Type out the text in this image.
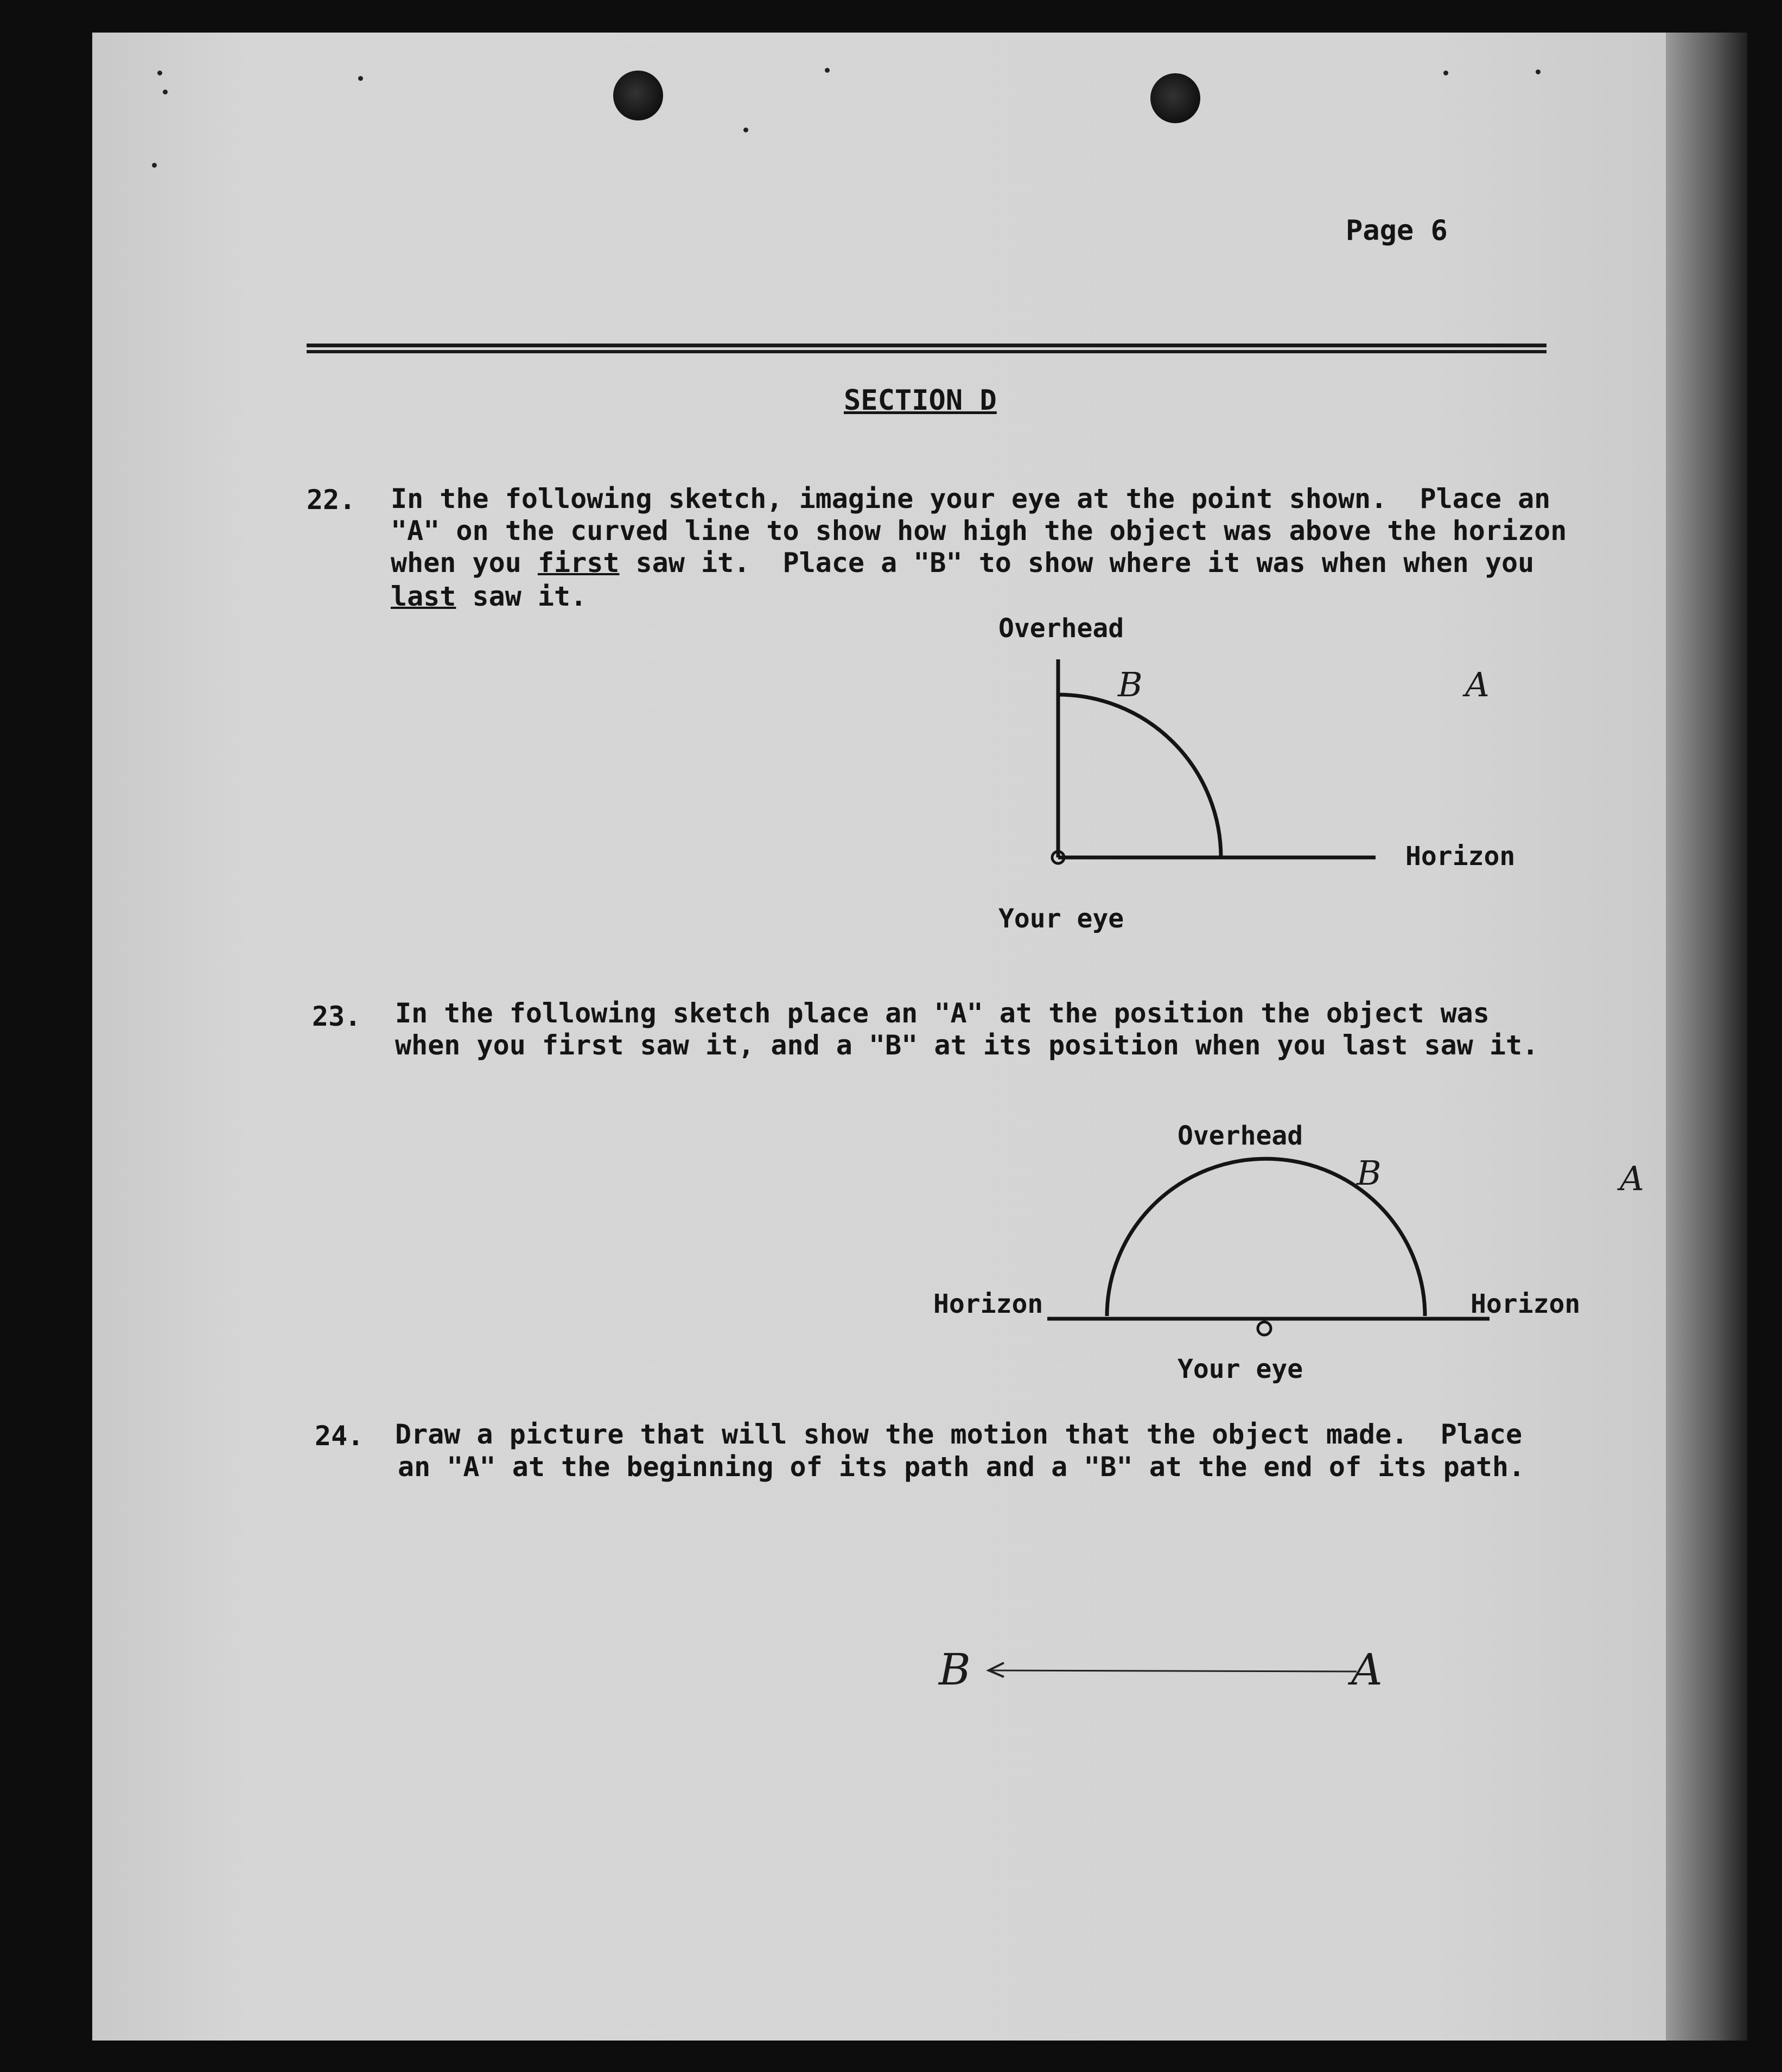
Page 6
SECTION D
22. In the following sketch, imagine your eye at the point shown.  Place an
"A" on the curved line to show how high the object was above the horizon
when you first saw it.  Place a "B" to show where it was when when you
last saw it.
Overhead
B	A
Horizon
Your eye
23. In the following sketch place an "A" at the position the object was
when you first saw it, and a "B" at its position when you last saw it.
Overhead
B	A
Horizon	Horizon
Your eye
24. Draw a picture that will show the motion that the object made.  Place
an "A" at the beginning of its path and a "B" at the end of its path.
B	A
